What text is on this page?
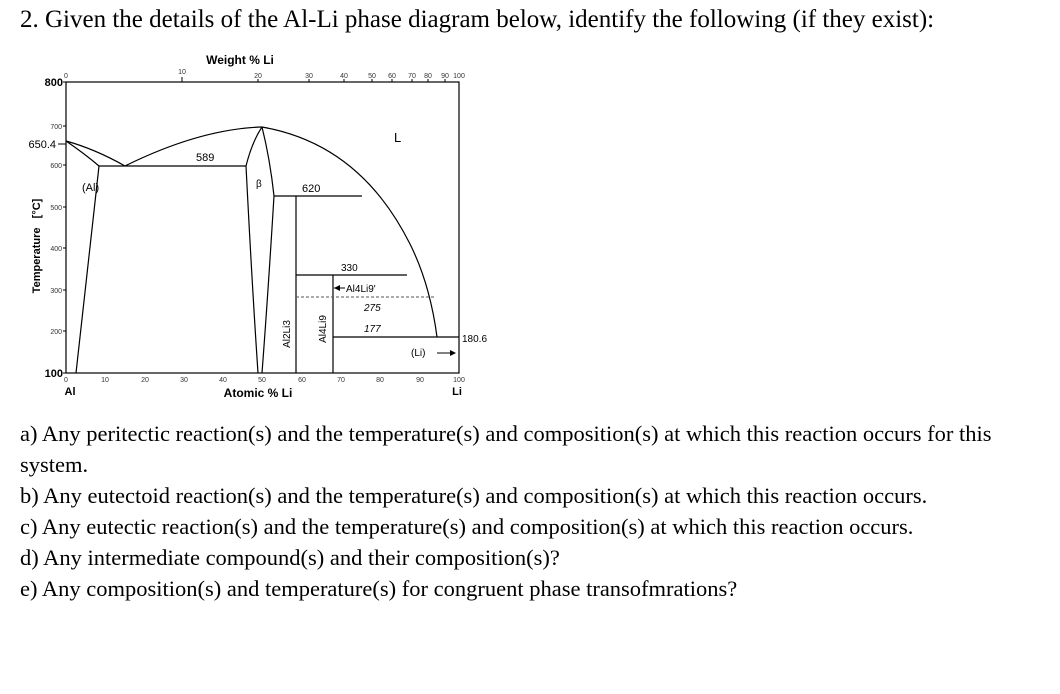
2. Given the details of the Al-Li phase diagram below, identify the following (if they exist):
Weight % Li
0
10
20	30	40	50 60 70 80 90 100
800
650.4
100
700
600
500
400
300
200
Temperature   [°C]
0	10	20	30	40	50	60	70	80	90	100
Al	Li
Atomic % Li
L
(Al)	β
589
620
330
275
177
180.6
(Li)
Al4Li9'
Al2Li3	Al4Li9

a) Any peritectic reaction(s) and the temperature(s) and composition(s) at which this reaction occurs for this system.

b) Any eutectoid reaction(s) and the temperature(s) and composition(s) at which this reaction occurs.

c) Any eutectic reaction(s) and the temperature(s) and composition(s) at which this reaction occurs.

d) Any intermediate compound(s) and their composition(s)?

e) Any composition(s) and temperature(s) for congruent phase transofmrations?
